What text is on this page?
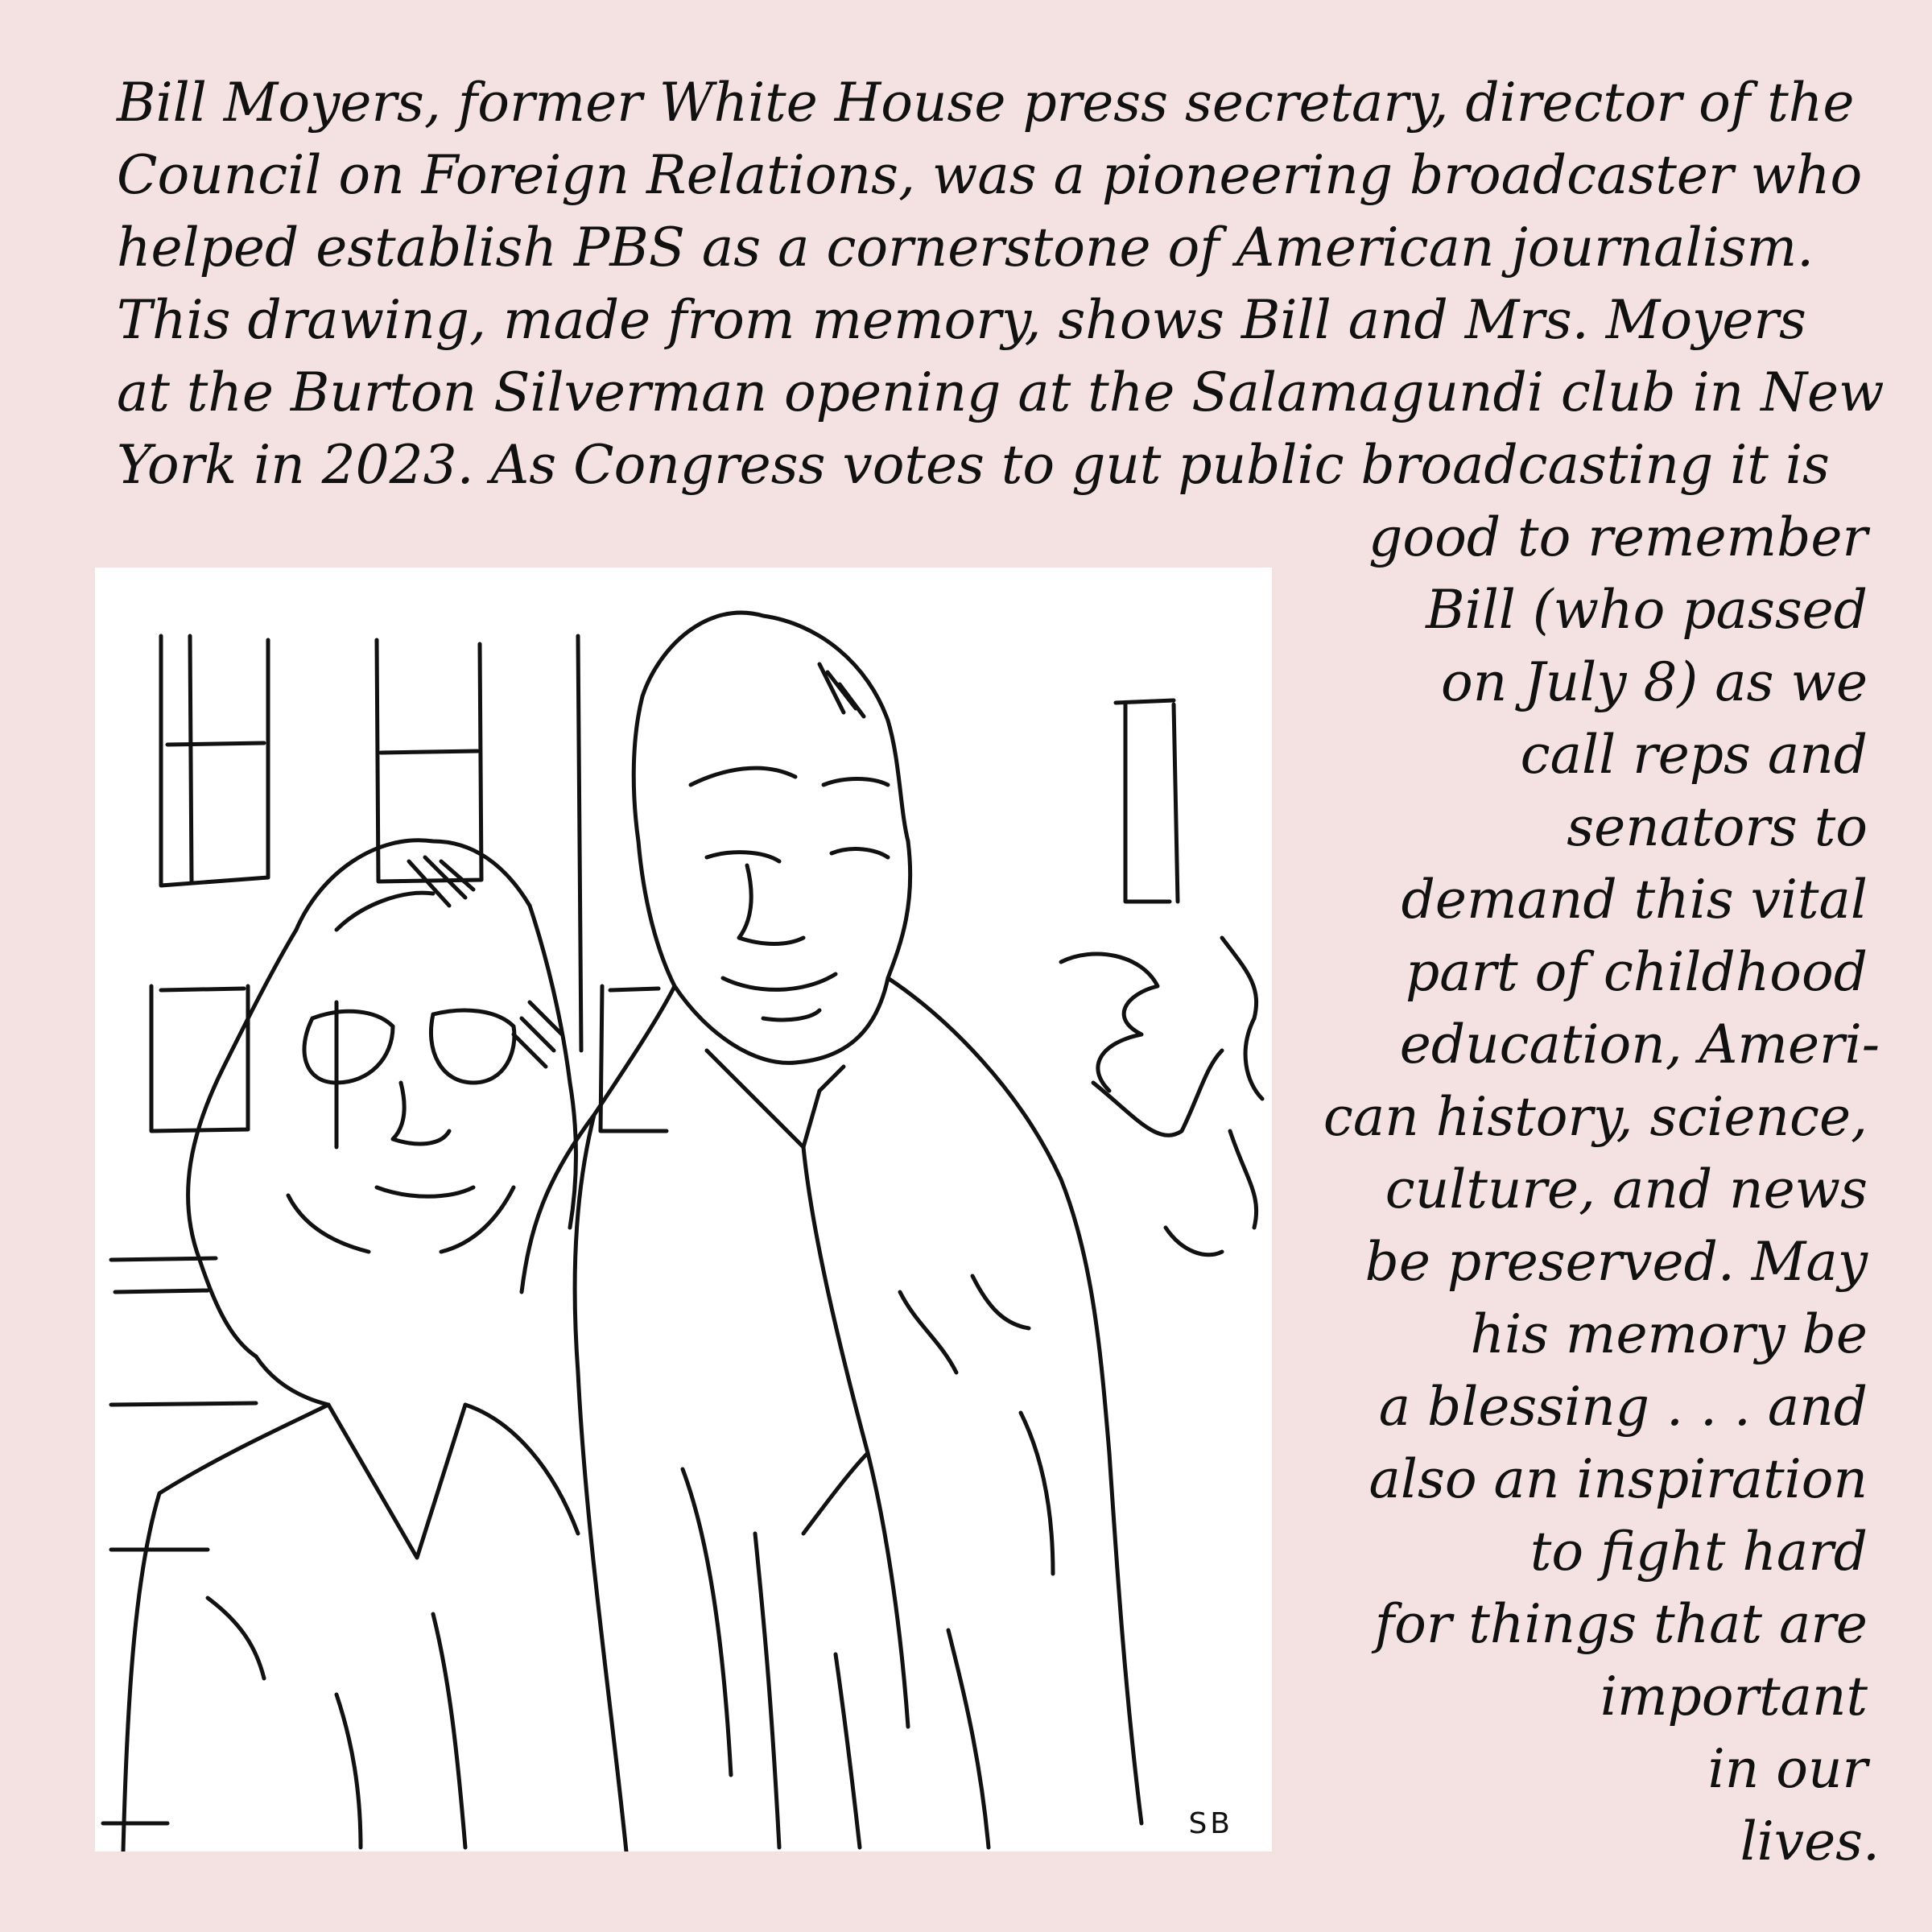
Bill Moyers, former White House press secretary, director of the
Council on Foreign Relations, was a pioneering broadcaster who
helped establish PBS as a cornerstone of American journalism.
This drawing, made from memory, shows Bill and Mrs. Moyers
at the Burton Silverman opening at the Salamagundi club in New
York in 2023. As Congress votes to gut public broadcasting it is
good to remember
Bill (who passed
on July 8) as we
call reps and
senators to
demand this vital
part of childhood
education, Ameri-
can history, science,
culture, and news
be preserved. May
his memory be
a blessing . . . and
also an inspiration
to fight hard
for things that are
important
in our
lives.
SB
